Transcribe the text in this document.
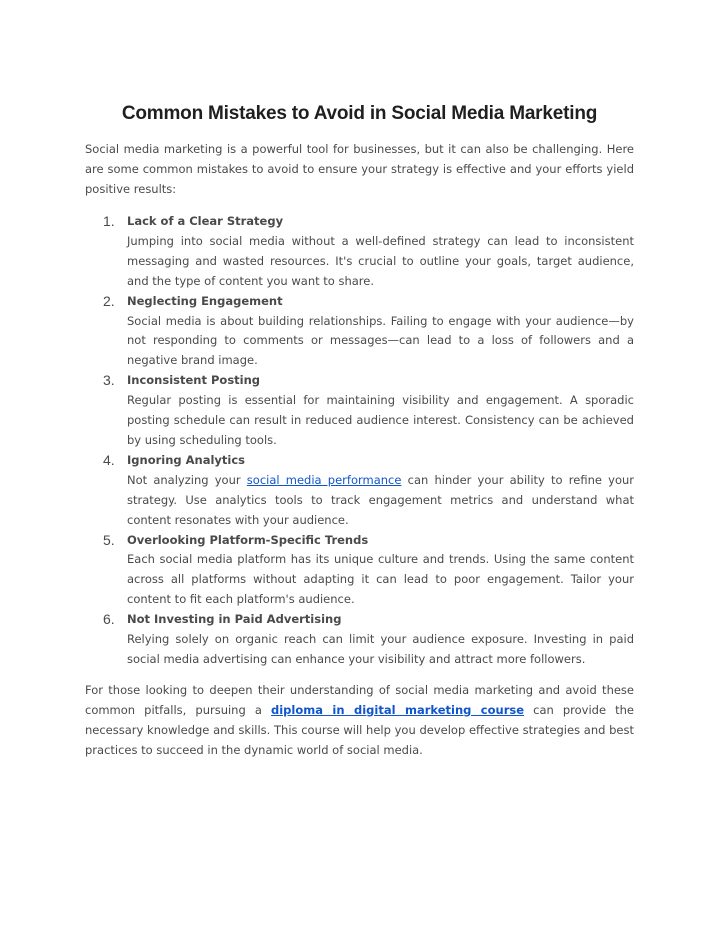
Common Mistakes to Avoid in Social Media Marketing

Social media marketing is a powerful tool for businesses, but it can also be challenging. Here are some common mistakes to avoid to ensure your strategy is effective and your efforts yield positive results:

1. Lack of a Clear Strategy
Jumping into social media without a well-defined strategy can lead to inconsistent messaging and wasted resources. It's crucial to outline your goals, target audience, and the type of content you want to share.
2. Neglecting Engagement
Social media is about building relationships. Failing to engage with your audience—by not responding to comments or messages—can lead to a loss of followers and a negative brand image.
3. Inconsistent Posting
Regular posting is essential for maintaining visibility and engagement. A sporadic posting schedule can result in reduced audience interest. Consistency can be achieved by using scheduling tools.
4. Ignoring Analytics
Not analyzing your social media performance can hinder your ability to refine your strategy. Use analytics tools to track engagement metrics and understand what content resonates with your audience.
5. Overlooking Platform-Specific Trends
Each social media platform has its unique culture and trends. Using the same content across all platforms without adapting it can lead to poor engagement. Tailor your content to fit each platform's audience.
6. Not Investing in Paid Advertising
Relying solely on organic reach can limit your audience exposure. Investing in paid social media advertising can enhance your visibility and attract more followers.

For those looking to deepen their understanding of social media marketing and avoid these common pitfalls, pursuing a diploma in digital marketing course can provide the necessary knowledge and skills. This course will help you develop effective strategies and best practices to succeed in the dynamic world of social media.
